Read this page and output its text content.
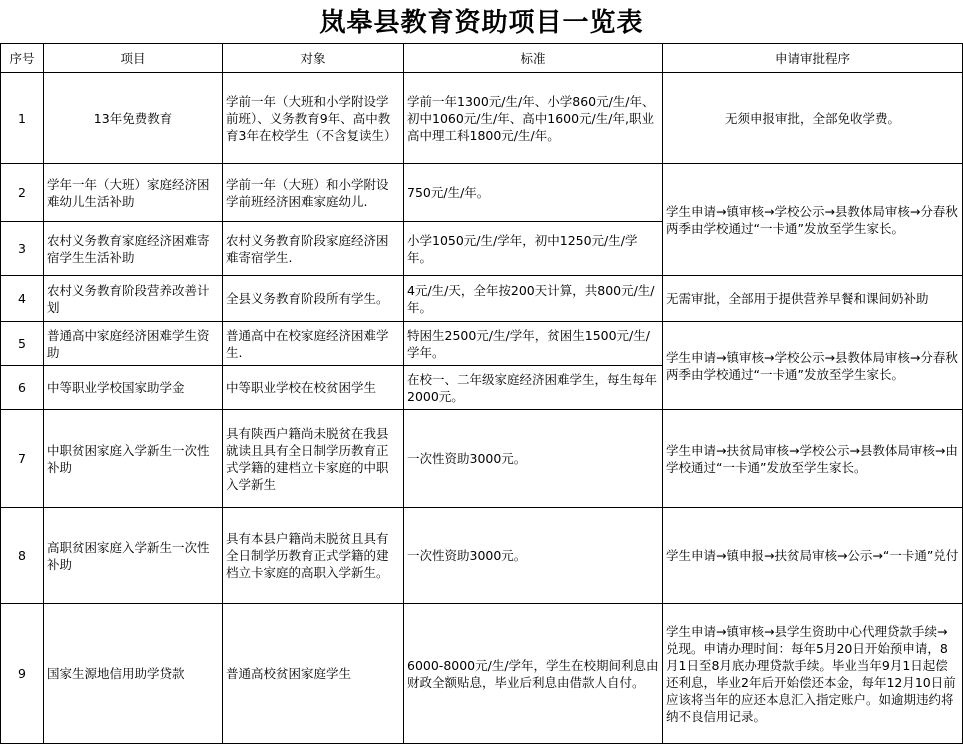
岚皋县教育资助项目一览表
序号	项目	对象	标准	申请审批程序
1	13年免费教育	学前一年（大班和小学附设学前班）、义务教育9年、高中教育3年在校学生（不含复读生）	学前一年1300元/生/年、小学860元/生/年、初中1060元/生/年、高中1600元/生/年,职业高中理工科1800元/生/年。	无须申报审批，全部免收学费。
2	学年一年（大班）家庭经济困难幼儿生活补助	学前一年（大班）和小学附设学前班经济困难家庭幼儿.	750元/生/年。	学生申请→镇审核→学校公示→县教体局审核→分春秋两季由学校通过“一卡通”发放至学生家长。
3	农村义务教育家庭经济困难寄宿学生生活补助	农村义务教育阶段家庭经济困难寄宿学生.	小学1050元/生/学年，初中1250元/生/学年。	
4	农村义务教育阶段营养改善计划	全县义务教育阶段所有学生。	4元/生/天，全年按200天计算，共800元/生/年。	无需审批，全部用于提供营养早餐和课间奶补助
5	普通高中家庭经济困难学生资助	普通高中在校家庭经济困难学生.	特困生2500元/生/学年，贫困生1500元/生/学年。	学生申请→镇审核→学校公示→县教体局审核→分春秋两季由学校通过“一卡通”发放至学生家长。
6	中等职业学校国家助学金	中等职业学校在校贫困学生	在校一、二年级家庭经济困难学生，每生每年2000元。	
7	中职贫困家庭入学新生一次性补助	具有陕西户籍尚未脱贫在我县就读且具有全日制学历教育正式学籍的建档立卡家庭的中职入学新生	一次性资助3000元。	学生申请→扶贫局审核→学校公示→县教体局审核→由学校通过“一卡通”发放至学生家长。
8	高职贫困家庭入学新生一次性补助	具有本县户籍尚未脱贫且具有全日制学历教育正式学籍的建档立卡家庭的高职入学新生。	一次性资助3000元。	学生申请→镇申报→扶贫局审核→公示→“一卡通”兑付
9	国家生源地信用助学贷款	普通高校贫困家庭学生	6000-8000元/生/学年，学生在校期间利息由财政全额贴息，毕业后利息由借款人自付。	学生申请→镇审核→县学生资助中心代理贷款手续→兑现。申请办理时间：每年5月20日开始预申请，8月1日至8月底办理贷款手续。毕业当年9月1日起偿还利息，毕业2年后开始偿还本金，每年12月10日前应该将当年的应还本息汇入指定账户。如逾期违约将纳不良信用记录。
